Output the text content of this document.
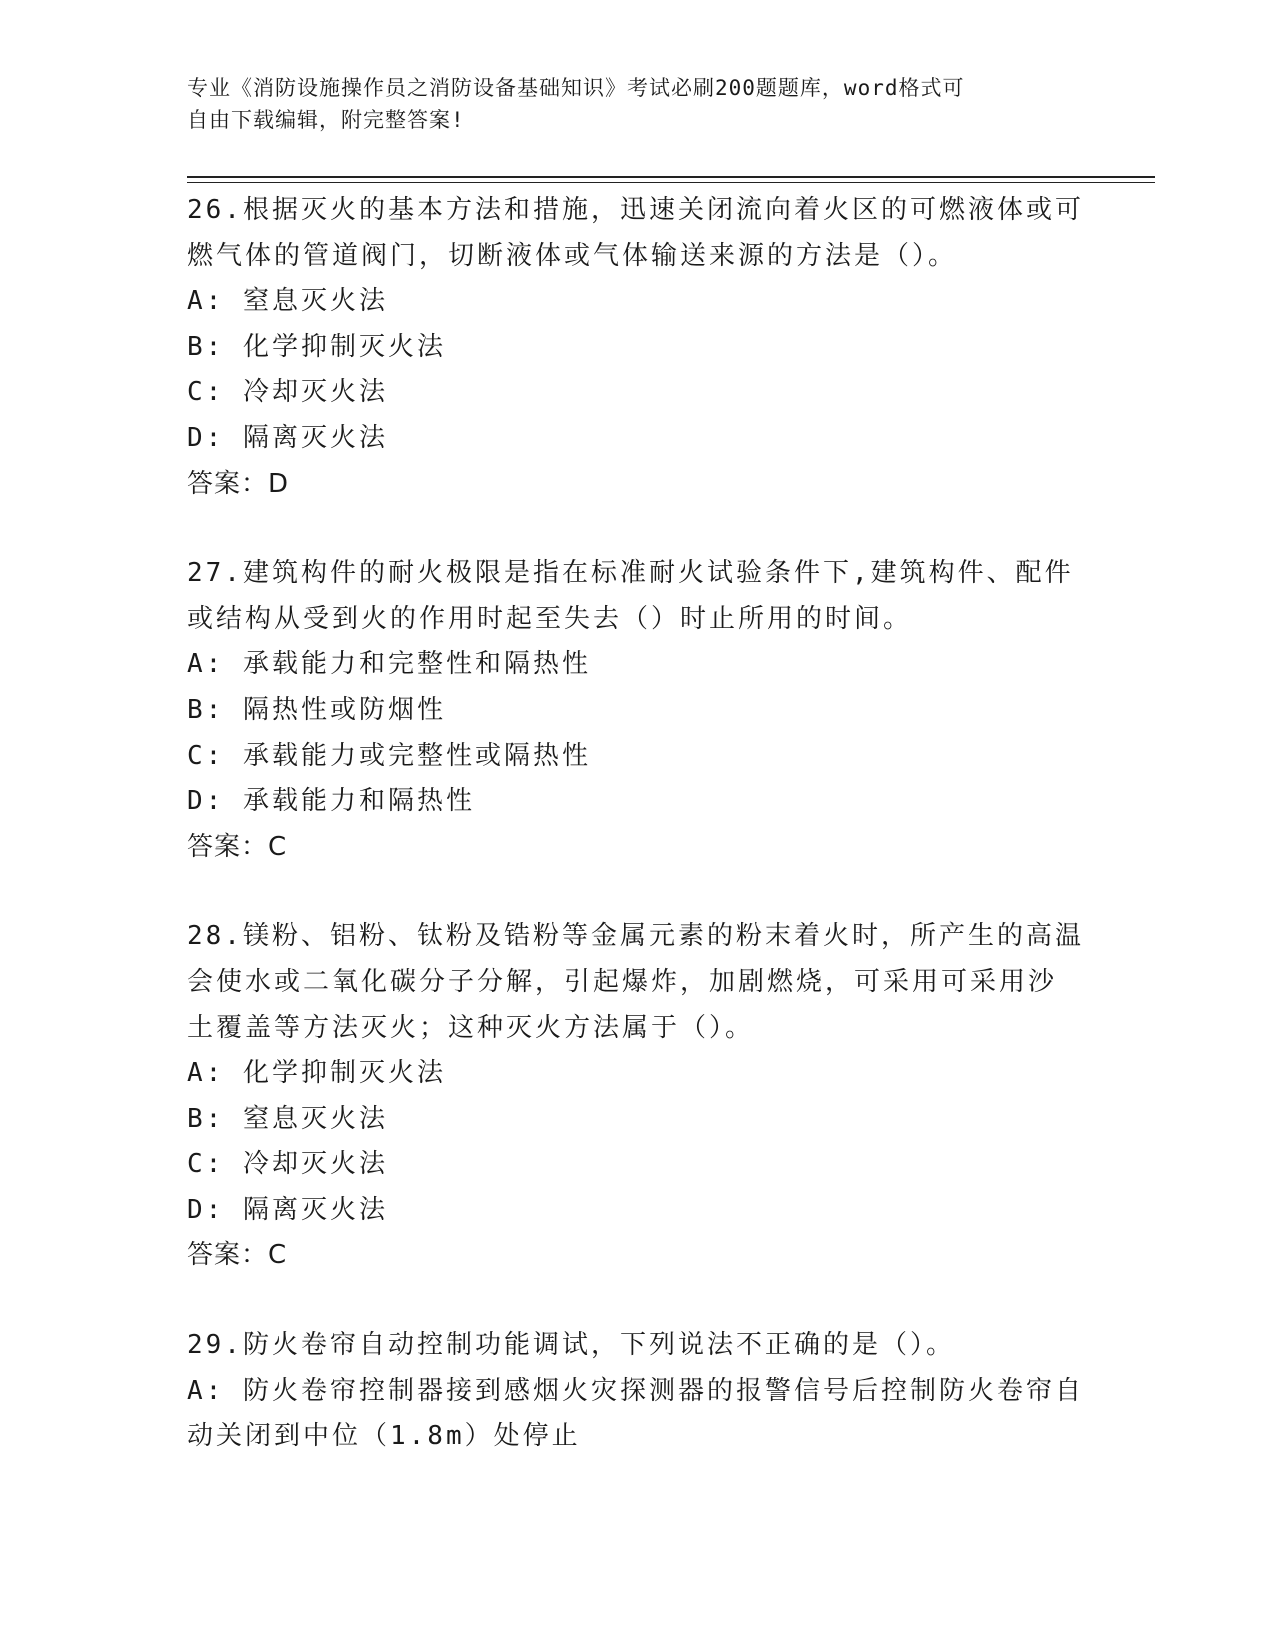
专业《消防设施操作员之消防设备基础知识》考试必刷200题题库，word格式可
自由下载编辑，附完整答案!
26.根据灭火的基本方法和措施，迅速关闭流向着火区的可燃液体或可
燃气体的管道阀门，切断液体或气体输送来源的方法是（）。
A: 窒息灭火法
B: 化学抑制灭火法
C: 冷却灭火法
D: 隔离灭火法
答案：D
27.建筑构件的耐火极限是指在标准耐火试验条件下,建筑构件、配件
或结构从受到火的作用时起至失去（）时止所用的时间。
A: 承载能力和完整性和隔热性
B: 隔热性或防烟性
C: 承载能力或完整性或隔热性
D: 承载能力和隔热性
答案：C
28.镁粉、铝粉、钛粉及锆粉等金属元素的粉末着火时，所产生的高温
会使水或二氧化碳分子分解，引起爆炸，加剧燃烧，可采用可采用沙
土覆盖等方法灭火；这种灭火方法属于（）。
A: 化学抑制灭火法
B: 窒息灭火法
C: 冷却灭火法
D: 隔离灭火法
答案：C
29.防火卷帘自动控制功能调试，下列说法不正确的是（）。
A: 防火卷帘控制器接到感烟火灾探测器的报警信号后控制防火卷帘自
动关闭到中位（1.8m）处停止
